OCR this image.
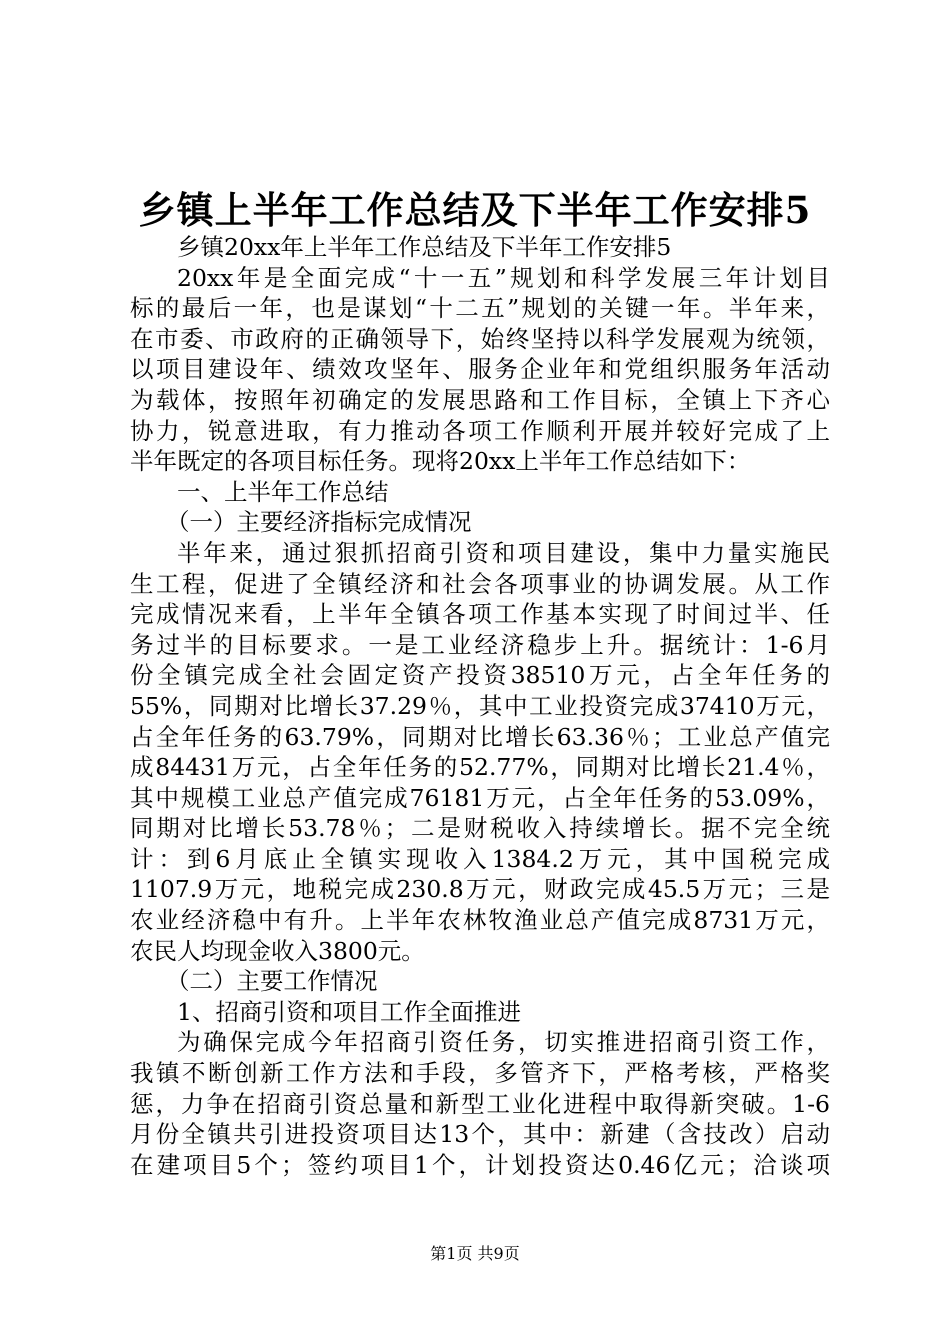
乡镇上半年工作总结及下半年工作安排5
乡镇20xx年上半年工作总结及下半年工作安排5
20xx年是全面完成“十一五”规划和科学发展三年计划目
标的最后一年，也是谋划“十二五”规划的关键一年。半年来，
在市委、市政府的正确领导下，始终坚持以科学发展观为统领，
以项目建设年、绩效攻坚年、服务企业年和党组织服务年活动
为载体，按照年初确定的发展思路和工作目标，全镇上下齐心
协力，锐意进取，有力推动各项工作顺利开展并较好完成了上
半年既定的各项目标任务。现将20xx上半年工作总结如下：
一、上半年工作总结
（一）主要经济指标完成情况
半年来，通过狠抓招商引资和项目建设，集中力量实施民
生工程，促进了全镇经济和社会各项事业的协调发展。从工作
完成情况来看，上半年全镇各项工作基本实现了时间过半、任
务过半的目标要求。一是工业经济稳步上升。据统计：1-6月
份全镇完成全社会固定资产投资38510万元，占全年任务的
55%，同期对比增长37.29％，其中工业投资完成37410万元，
占全年任务的63.79%，同期对比增长63.36％；工业总产值完
成84431万元，占全年任务的52.77%，同期对比增长21.4％，
其中规模工业总产值完成76181万元，占全年任务的53.09%，
同期对比增长53.78％；二是财税收入持续增长。据不完全统
计：到6月底止全镇实现收入1384.2万元，其中国税完成
1107.9万元，地税完成230.8万元，财政完成45.5万元；三是
农业经济稳中有升。上半年农林牧渔业总产值完成8731万元，
农民人均现金收入3800元。
（二）主要工作情况
1、招商引资和项目工作全面推进
为确保完成今年招商引资任务，切实推进招商引资工作，
我镇不断创新工作方法和手段，多管齐下，严格考核，严格奖
惩，力争在招商引资总量和新型工业化进程中取得新突破。1-6
月份全镇共引进投资项目达13个，其中：新建（含技改）启动
在建项目5个；签约项目1个，计划投资达0.46亿元；洽谈项
第1页 共9页
